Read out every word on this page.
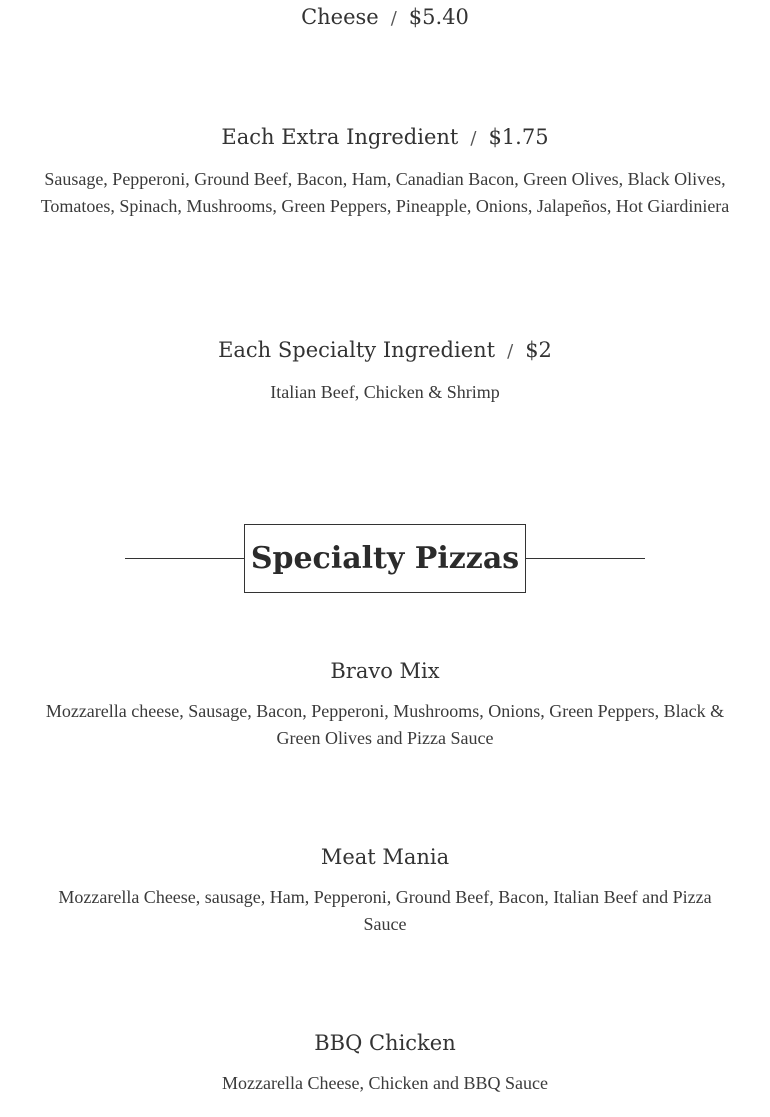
Cheese / $5.40
Each Extra Ingredient / $1.75
Sausage, Pepperoni, Ground Beef, Bacon, Ham, Canadian Bacon, Green Olives, Black Olives, Tomatoes, Spinach, Mushrooms, Green Peppers, Pineapple, Onions, Jalapeños, Hot Giardiniera
Each Specialty Ingredient / $2
Italian Beef, Chicken & Shrimp
Specialty Pizzas
Bravo Mix
Mozzarella cheese, Sausage, Bacon, Pepperoni, Mushrooms, Onions, Green Peppers, Black & Green Olives and Pizza Sauce
Meat Mania
Mozzarella Cheese, sausage, Ham, Pepperoni, Ground Beef, Bacon, Italian Beef and Pizza Sauce
BBQ Chicken
Mozzarella Cheese, Chicken and BBQ Sauce
